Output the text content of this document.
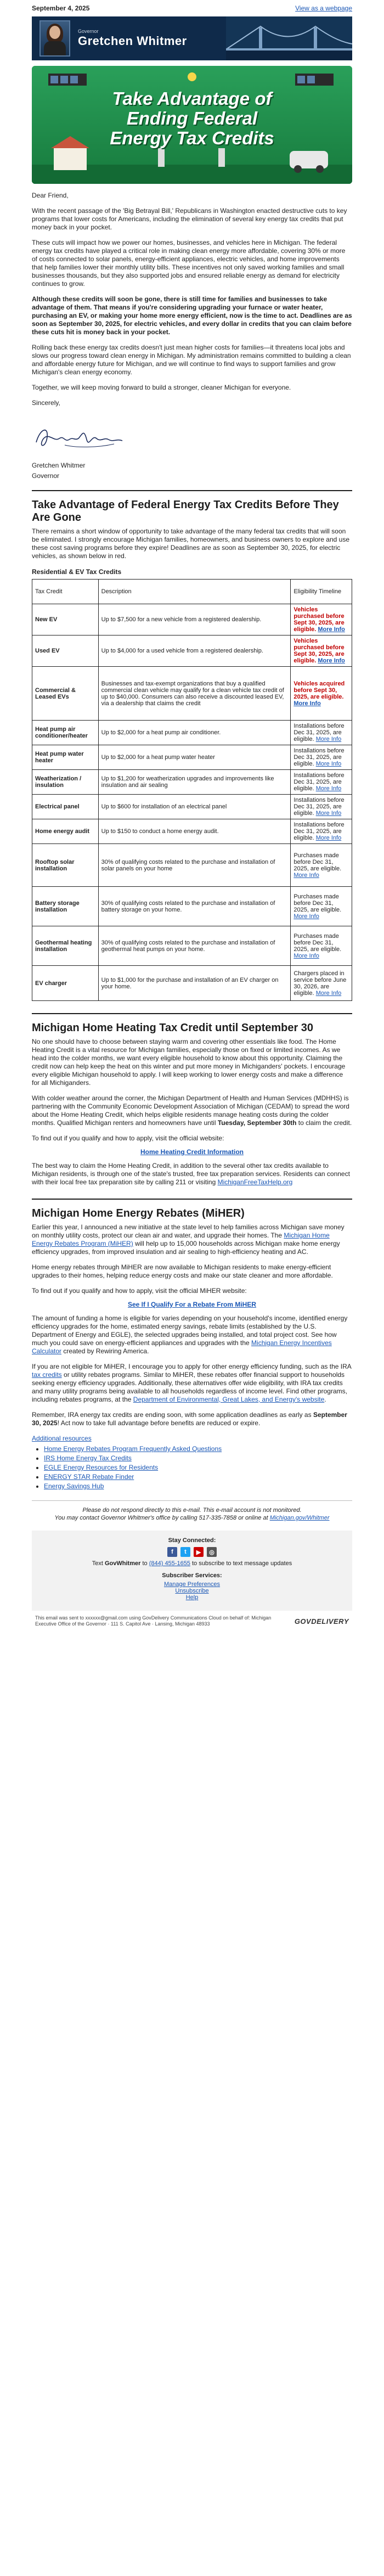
September 4, 2025	View as a webpage
Governor
Gretchen Whitmer
Take Advantage of
Ending Federal
Energy Tax Credits

Dear Friend,

With the recent passage of the 'Big Betrayal Bill,' Republicans in Washington enacted destructive cuts to key programs that lower costs for Americans, including the elimination of several key energy tax credits that put money back in your pocket.

These cuts will impact how we power our homes, businesses, and vehicles here in Michigan. The federal energy tax credits have played a critical role in making clean energy more affordable, covering 30% or more of costs connected to solar panels, energy-efficient appliances, electric vehicles, and home improvements that help families lower their monthly utility bills. These incentives not only saved working families and small businesses thousands, but they also supported jobs and ensured reliable energy as demand for electricity continues to grow.

Although these credits will soon be gone, there is still time for families and businesses to take advantage of them. That means if you're considering upgrading your furnace or water heater, purchasing an EV, or making your home more energy efficient, now is the time to act. Deadlines are as soon as September 30, 2025, for electric vehicles, and every dollar in credits that you can claim before these cuts hit is money back in your pocket.

Rolling back these energy tax credits doesn't just mean higher costs for families—it threatens local jobs and slows our progress toward clean energy in Michigan. My administration remains committed to building a clean and affordable energy future for Michigan, and we will continue to find ways to support families and grow Michigan's clean energy economy.

Together, we will keep moving forward to build a stronger, cleaner Michigan for everyone.

Sincerely,

Gretchen Whitmer

Governor

Take Advantage of Federal Energy Tax Credits Before They Are Gone

There remains a short window of opportunity to take advantage of the many federal tax credits that will soon be eliminated. I strongly encourage Michigan families, homeowners, and business owners to explore and use these cost saving programs before they expire! Deadlines are as soon as September 30, 2025, for electric vehicles, as shown below in red.

Residential & EV Tax Credits

Tax Credit	Description	Eligibility Timeline
New EV	Up to $7,500 for a new vehicle from a registered dealership.	Vehicles purchased before Sept 30, 2025, are eligible. More Info
Used EV	Up to $4,000 for a used vehicle from a registered dealership.	Vehicles purchased before Sept 30, 2025, are eligible. More Info
Commercial & Leased EVs	Businesses and tax-exempt organizations that buy a qualified commercial clean vehicle may qualify for a clean vehicle tax credit of up to $40,000. Consumers can also receive a discounted leased EV, via a dealership that claims the credit	Vehicles acquired before Sept 30, 2025, are eligible. More Info
Heat pump air conditioner/heater	Up to $2,000 for a heat pump air conditioner.	Installations before Dec 31, 2025, are eligible. More Info
Heat pump water heater	Up to $2,000 for a heat pump water heater	Installations before Dec 31, 2025, are eligible. More Info
Weatherization / insulation	Up to $1,200 for weatherization upgrades and improvements like insulation and air sealing	Installations before Dec 31, 2025, are eligible. More Info
Electrical panel	Up to $600 for installation of an electrical panel	Installations before Dec 31, 2025, are eligible. More Info
Home energy audit	Up to $150 to conduct a home energy audit.	Installations before Dec 31, 2025, are eligible. More Info
Rooftop solar installation	30% of qualifying costs related to the purchase and installation of solar panels on your home	Purchases made before Dec 31, 2025, are eligible. More Info
Battery storage installation	30% of qualifying costs related to the purchase and installation of battery storage on your home.	Purchases made before Dec 31, 2025, are eligible. More Info
Geothermal heating installation	30% of qualifying costs related to the purchase and installation of geothermal heat pumps on your home.	Purchases made before Dec 31, 2025, are eligible. More Info
EV charger	Up to $1,000 for the purchase and installation of an EV charger on your home.	Chargers placed in service before June 30, 2026, are eligible. More Info
Michigan Home Heating Tax Credit until September 30

No one should have to choose between staying warm and covering other essentials like food. The Home Heating Credit is a vital resource for Michigan families, especially those on fixed or limited incomes. As we head into the colder months, we want every eligible household to know about this opportunity. Claiming the credit now can help keep the heat on this winter and put more money in Michiganders' pockets. I encourage every eligible Michigan household to apply. I will keep working to lower energy costs and make a difference for all Michiganders.

With colder weather around the corner, the Michigan Department of Health and Human Services (MDHHS) is partnering with the Community Economic Development Association of Michigan (CEDAM) to spread the word about the Home Heating Credit, which helps eligible residents manage heating costs during the colder months. Qualified Michigan renters and homeowners have until Tuesday, September 30th to claim the credit.

To find out if you qualify and how to apply, visit the official website:

Home Heating Credit Information

The best way to claim the Home Heating Credit, in addition to the several other tax credits available to Michigan residents, is through one of the state's trusted, free tax preparation services. Residents can connect with their local free tax preparation site by calling 211 or visiting MichiganFreeTaxHelp.org

Michigan Home Energy Rebates (MiHER)

Earlier this year, I announced a new initiative at the state level to help families across Michigan save money on monthly utility costs, protect our clean air and water, and upgrade their homes. The Michigan Home Energy Rebates Program (MiHER) will help up to 15,000 households across Michigan make home energy efficiency upgrades, from improved insulation and air sealing to high-efficiency heating and AC.

Home energy rebates through MiHER are now available to Michigan residents to make energy-efficient upgrades to their homes, helping reduce energy costs and make our state cleaner and more affordable.

To find out if you qualify and how to apply, visit the official MiHER website:

See If I Qualify For a Rebate From MiHER

The amount of funding a home is eligible for varies depending on your household's income, identified energy efficiency upgrades for the home, estimated energy savings, rebate limits (established by the U.S. Department of Energy and EGLE), the selected upgrades being installed, and total project cost. See how much you could save on energy-efficient appliances and upgrades with the Michigan Energy Incentives Calculator created by Rewiring America.

If you are not eligible for MiHER, I encourage you to apply for other energy efficiency funding, such as the IRA tax credits or utility rebates programs. Similar to MiHER, these rebates offer financial support to households seeking energy efficiency upgrades. Additionally, these alternatives offer wide eligibility, with IRA tax credits and many utility programs being available to all households regardless of income level. Find other programs, including rebates programs, at the Department of Environmental, Great Lakes, and Energy's website.

Remember, IRA energy tax credits are ending soon, with some application deadlines as early as September 30, 2025! Act now to take full advantage before benefits are reduced or expire.

Additional resources
• Home Energy Rebates Program Frequently Asked Questions
• IRS Home Energy Tax Credits
• EGLE Energy Resources for Residents
• ENERGY STAR Rebate Finder
• Energy Savings Hub
Please do not respond directly to this e-mail. This e-mail account is not monitored.
You may contact Governor Whitmer's office by calling 517-335-7858 or online at Michigan.gov/Whitmer
Stay Connected:
f	t	▶	◎
Text GovWhitmer to (844) 455-1655 to subscribe to text message updates
Subscriber Services:
Manage Preferences
Unsubscribe
Help
This email was sent to xxxxxx@gmail.com using GovDelivery Communications Cloud on behalf of: Michigan Executive Office of the Governor · 111 S. Capitol Ave · Lansing, Michigan 48933	GOVDELIVERY
